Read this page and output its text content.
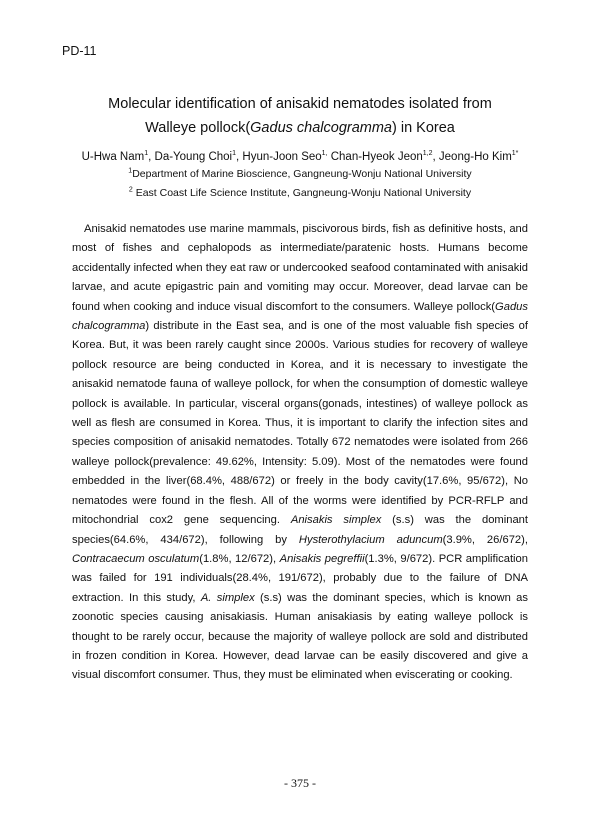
PD-11
Molecular identification of anisakid nematodes isolated from
Walleye pollock(Gadus chalcogramma) in Korea
U-Hwa Nam$^1$, Da-Young Choi$^1$, Hyun-Joon Seo$^{1,}$ Chan-Hyeok Jeon$^{1,2}$, Jeong-Ho Kim$^{1*}$
$^1$Department of Marine Bioscience, Gangneung-Wonju National University
$^2$ East Coast Life Science Institute, Gangneung-Wonju National University

Anisakid nematodes use marine mammals, piscivorous birds, fish as definitive hosts, and most of fishes and cephalopods as intermediate/paratenic hosts. Humans become accidentally infected when they eat raw or undercooked seafood contaminated with anisakid larvae, and acute epigastric pain and vomiting may occur. Moreover, dead larvae can be found when cooking and induce visual discomfort to the consumers. Walleye pollock(Gadus chalcogramma) distribute in the East sea, and is one of the most valuable fish species of Korea. But, it was been rarely caught since 2000s. Various studies for recovery of walleye pollock resource are being conducted in Korea, and it is necessary to investigate the anisakid nematode fauna of walleye pollock, for when the consumption of domestic walleye pollock is available. In particular, visceral organs(gonads, intestines) of walleye pollock as well as flesh are consumed in Korea. Thus, it is important to clarify the infection sites and species composition of anisakid nematodes. Totally 672 nematodes were isolated from 266 walleye pollock(prevalence: 49.62%, Intensity: 5.09). Most of the nematodes were found embedded in the liver(68.4%, 488/672) or freely in the body cavity(17.6%, 95/672), No nematodes were found in the flesh. All of the worms were identified by PCR-RFLP and mitochondrial cox2 gene sequencing. Anisakis simplex (s.s) was the dominant species(64.6%, 434/672), following by Hysterothylacium aduncum(3.9%, 26/672), Contracaecum osculatum(1.8%, 12/672), Anisakis pegreffii(1.3%, 9/672). PCR amplification was failed for 191 individuals(28.4%, 191/672), probably due to the failure of DNA extraction. In this study, A. simplex (s.s) was the dominant species, which is known as zoonotic species causing anisakiasis. Human anisakiasis by eating walleye pollock is thought to be rarely occur, because the majority of walleye pollock are sold and distributed in frozen condition in Korea. However, dead larvae can be easily discovered and give a visual discomfort consumer. Thus, they must be eliminated when eviscerating or cooking.

- 375 -
